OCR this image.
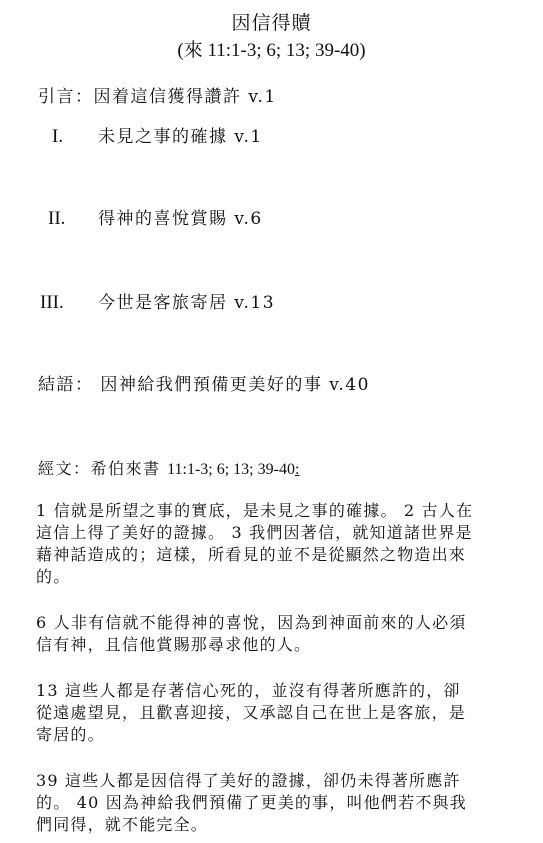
因信得贖
(來 11:1-3; 6; 13; 39-40)
引言：因着這信獲得讚許 v.1
I. 未見之事的確據 v.1
II. 得神的喜悅賞賜 v.6
III. 今世是客旅寄居 v.13
結語： 因神給我們預備更美好的事 v.40
經文：希伯來書 11:1-3; 6; 13; 39-40:
1 信就是所望之事的實底，是未見之事的確據。 2 古人在這信上得了美好的證據。 3 我們因著信，就知道諸世界是藉神話造成的；這樣，所看見的並不是從顯然之物造出來的。
6 人非有信就不能得神的喜悅，因為到神面前來的人必須信有神，且信他賞賜那尋求他的人。
13 這些人都是存著信心死的，並沒有得著所應許的，卻從遠處望見，且歡喜迎接，又承認自己在世上是客旅，是寄居的。
39 這些人都是因信得了美好的證據，卻仍未得著所應許的。 40 因為神給我們預備了更美的事，叫他們若不與我們同得，就不能完全。
